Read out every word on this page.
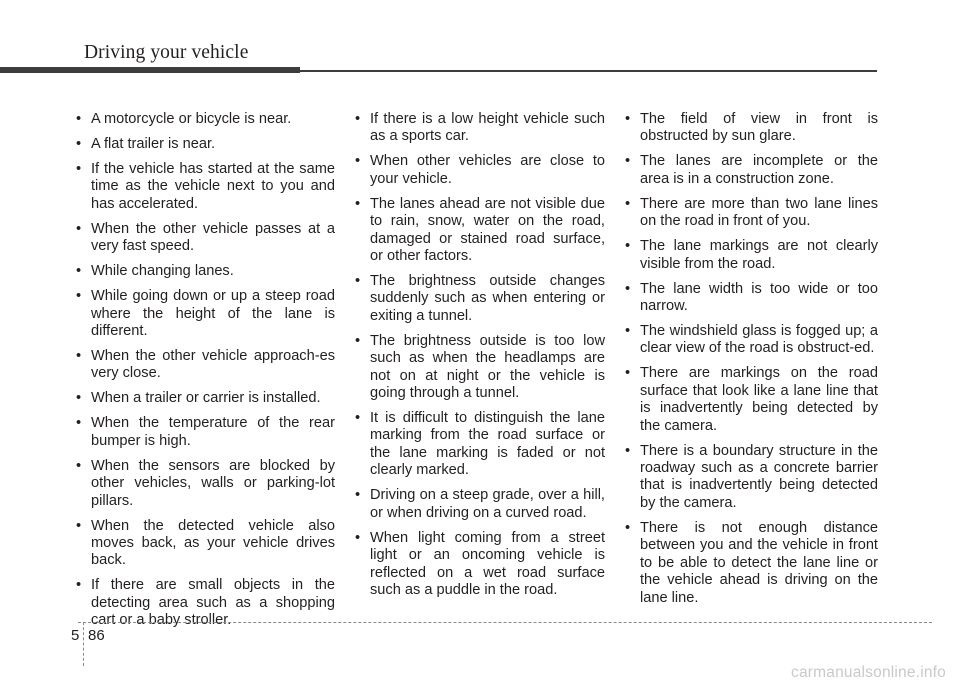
Driving your vehicle
• A motorcycle or bicycle is near.
• A flat trailer is near.
• If the vehicle has started at the same time as the vehicle next to you and has accelerated.
• When the other vehicle passes at a very fast speed.
• While changing lanes.
• While going down or up a steep road where the height of the lane is different.
• When the other vehicle approach-es very close.
• When a trailer or carrier is installed.
• When the temperature of the rear bumper is high.
• When the sensors are blocked by other vehicles, walls or parking-lot pillars.
• When the detected vehicle also moves back, as your vehicle drives back.
• If there are small objects in the detecting area such as a shopping cart or a baby stroller.
• If there is a low height vehicle such as a sports car.
• When other vehicles are close to your vehicle.
• The lanes ahead are not visible due to rain, snow, water on the road, damaged or stained road surface, or other factors.
• The brightness outside changes suddenly such as when entering or exiting a tunnel.
• The brightness outside is too low such as when the headlamps are not on at night or the vehicle is going through a tunnel.
• It is difficult to distinguish the lane marking from the road surface or the lane marking is faded or not clearly marked.
• Driving on a steep grade, over a hill, or when driving on a curved road.
• When light coming from a street light or an oncoming vehicle is reflected on a wet road surface such as a puddle in the road.
• The field of view in front is obstructed by sun glare.
• The lanes are incomplete or the area is in a construction zone.
• There are more than two lane lines on the road in front of you.
• The lane markings are not clearly visible from the road.
• The lane width is too wide or too narrow.
• The windshield glass is fogged up; a clear view of the road is obstruct-ed.
• There are markings on the road surface that look like a lane line that is inadvertently being detected by the camera.
• There is a boundary structure in the roadway such as a concrete barrier that is inadvertently being detected by the camera.
• There is not enough distance between you and the vehicle in front to be able to detect the lane line or the vehicle ahead is driving on the lane line.
5 86
carmanualsonline.info
